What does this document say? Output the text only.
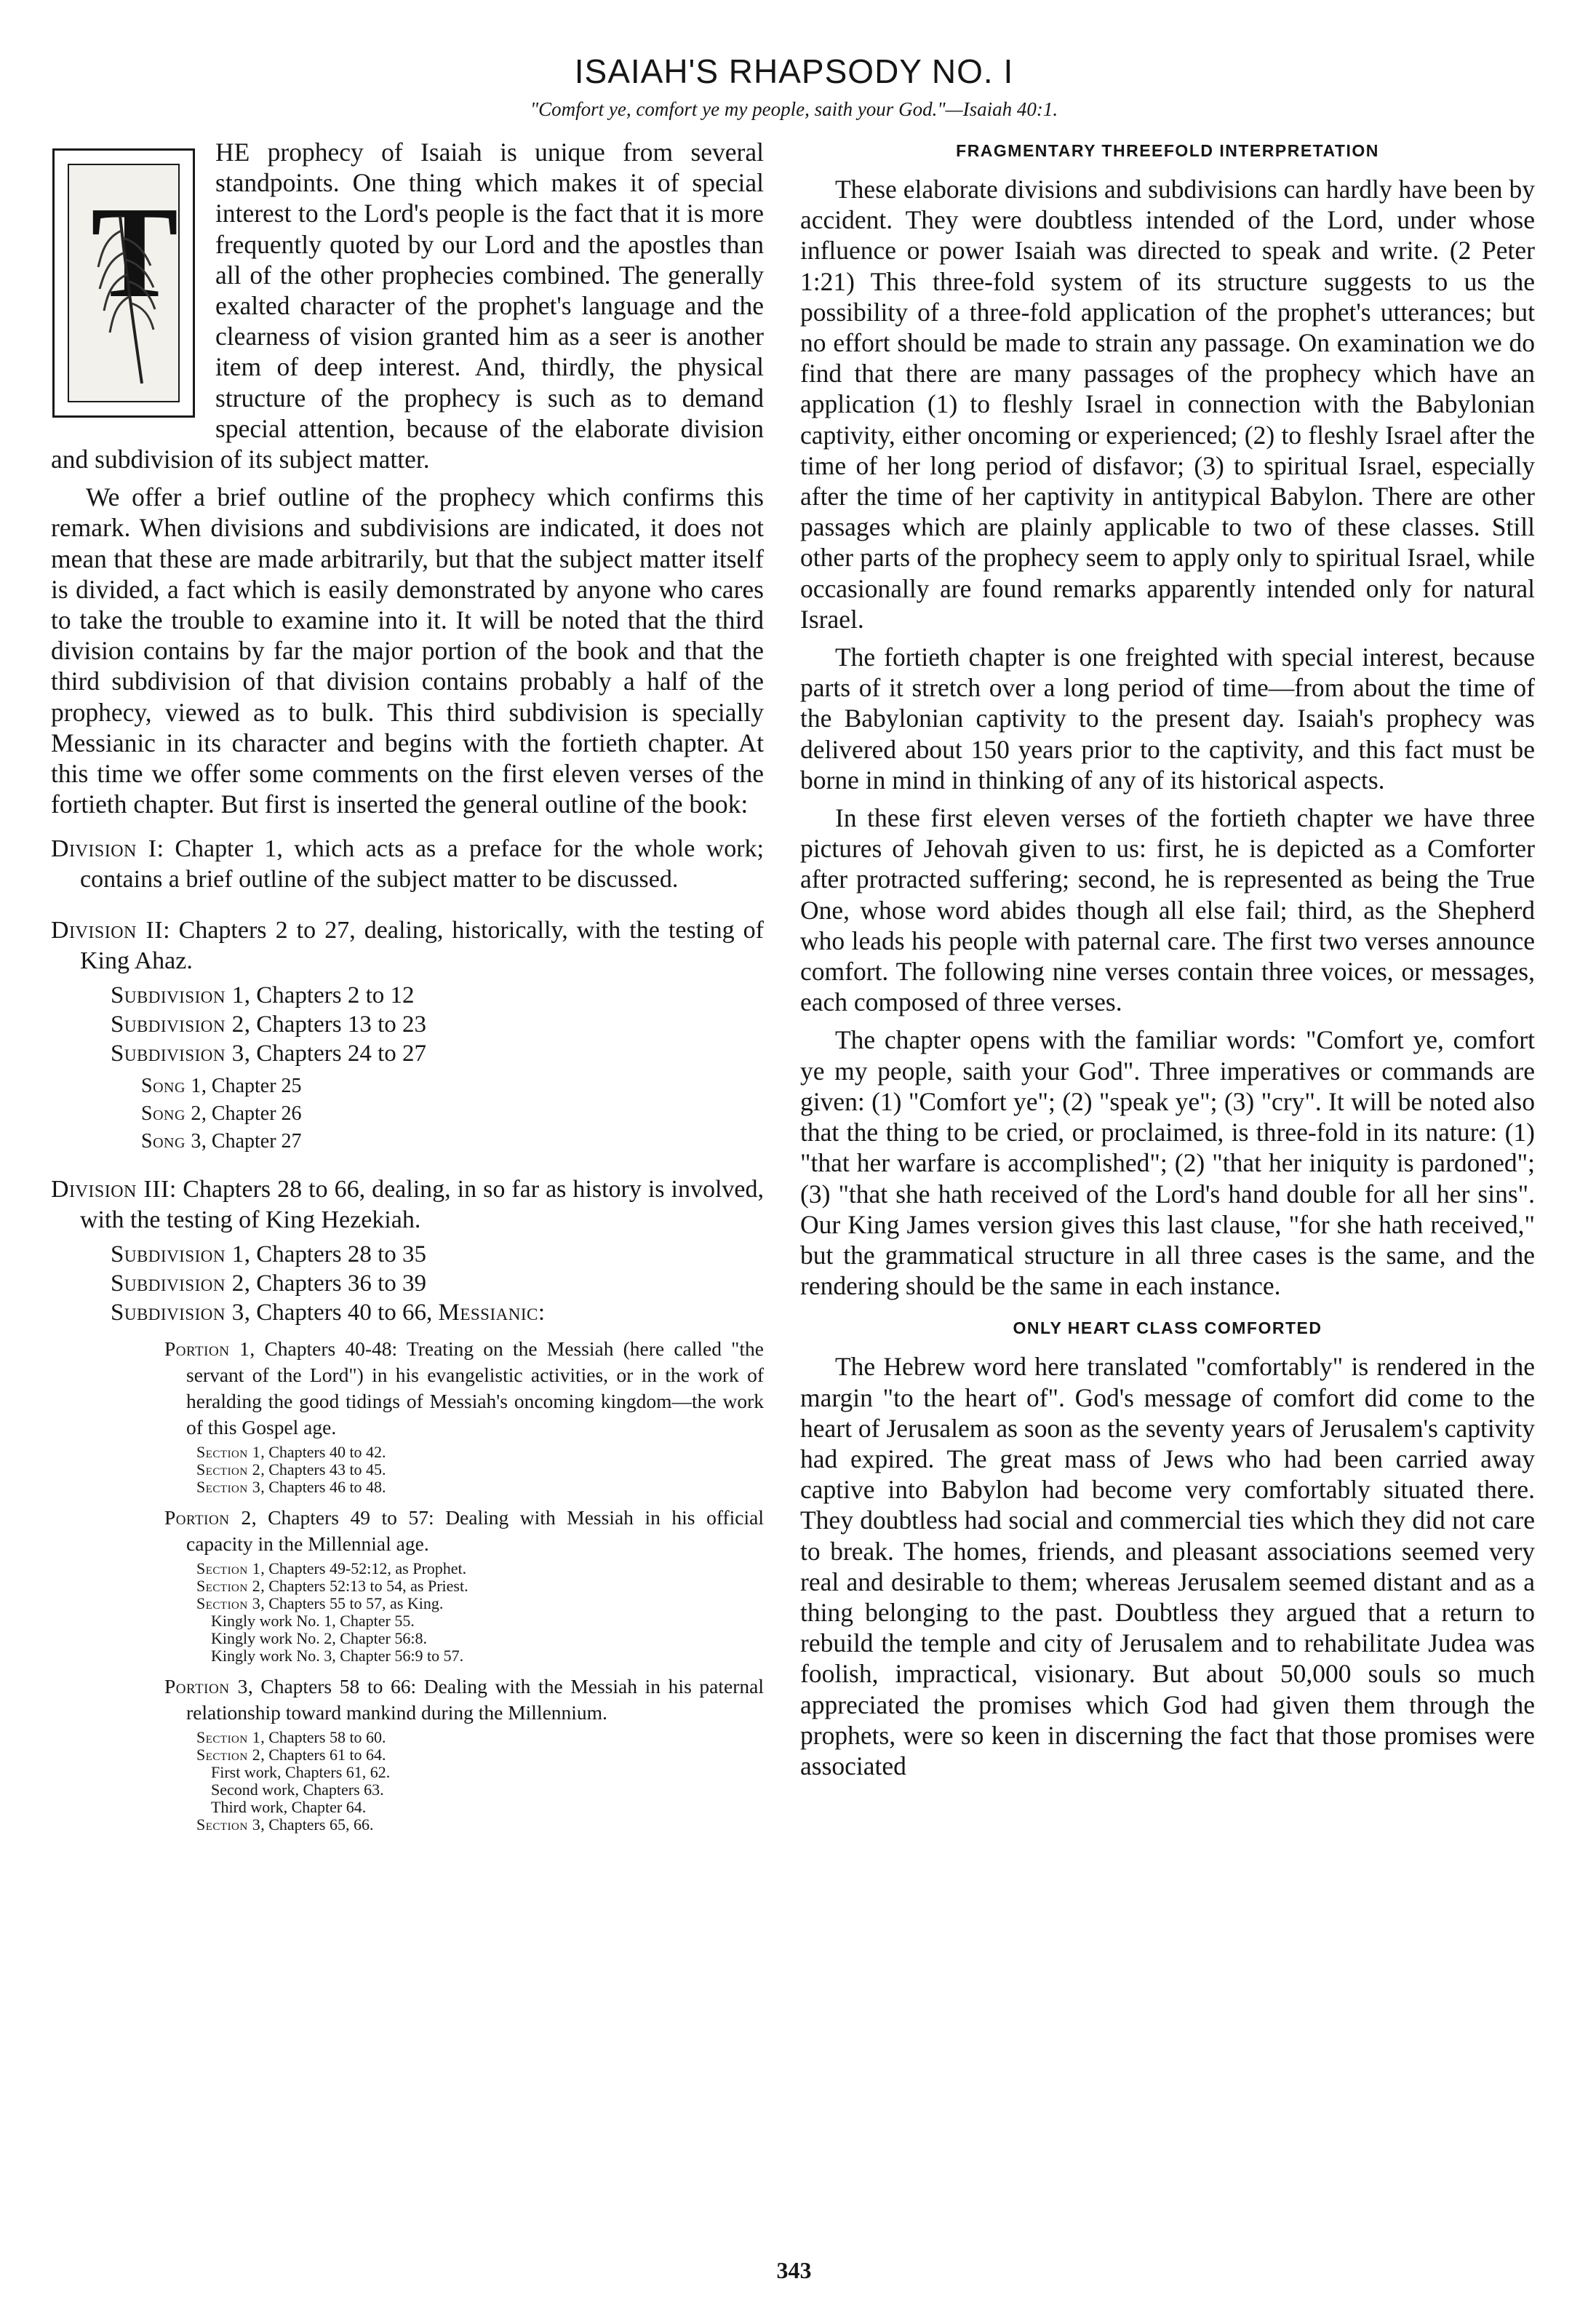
ISAIAH'S RHAPSODY NO. I
"Comfort ye, comfort ye my people, saith your God."—Isaiah 40:1.
T

HE prophecy of Isaiah is unique from several standpoints. One thing which makes it of special interest to the Lord's people is the fact that it is more frequently quoted by our Lord and the apostles than all of the other prophecies combined. The generally exalted character of the prophet's language and the clearness of vision granted him as a seer is another item of deep interest. And, thirdly, the physical structure of the prophecy is such as to demand special attention, because of the elaborate division and subdivision of its subject matter.

We offer a brief outline of the prophecy which confirms this remark. When divisions and subdivisions are indicated, it does not mean that these are made arbitrarily, but that the subject matter itself is divided, a fact which is easily demonstrated by anyone who cares to take the trouble to examine into it. It will be noted that the third division contains by far the major portion of the book and that the third subdivision of that division contains probably a half of the prophecy, viewed as to bulk. This third subdivision is specially Messianic in its character and begins with the fortieth chapter. At this time we offer some comments on the first eleven verses of the fortieth chapter. But first is inserted the general outline of the book:

Division I: Chapter 1, which acts as a preface for the whole work; contains a brief outline of the subject matter to be discussed.

Division II: Chapters 2 to 27, dealing, historically, with the testing of King Ahaz.

Subdivision 1, Chapters 2 to 12

Subdivision 2, Chapters 13 to 23

Subdivision 3, Chapters 24 to 27

Song 1, Chapter 25

Song 2, Chapter 26

Song 3, Chapter 27

Division III: Chapters 28 to 66, dealing, in so far as history is involved, with the testing of King Hezekiah.

Subdivision 1, Chapters 28 to 35

Subdivision 2, Chapters 36 to 39

Subdivision 3, Chapters 40 to 66, Messianic:

Portion 1, Chapters 40-48: Treating on the Messiah (here called "the servant of the Lord") in his evangelistic activities, or in the work of heralding the good tidings of Messiah's oncoming kingdom—the work of this Gospel age.

Section 1, Chapters 40 to 42.

Section 2, Chapters 43 to 45.

Section 3, Chapters 46 to 48.

Portion 2, Chapters 49 to 57: Dealing with Messiah in his official capacity in the Millennial age.

Section 1, Chapters 49-52:12, as Prophet.

Section 2, Chapters 52:13 to 54, as Priest.

Section 3, Chapters 55 to 57, as King.

Kingly work No. 1, Chapter 55.

Kingly work No. 2, Chapter 56:8.

Kingly work No. 3, Chapter 56:9 to 57.

Portion 3, Chapters 58 to 66: Dealing with the Messiah in his paternal relationship toward mankind during the Millennium.

Section 1, Chapters 58 to 60.

Section 2, Chapters 61 to 64.

First work, Chapters 61, 62.

Second work, Chapters 63.

Third work, Chapter 64.

Section 3, Chapters 65, 66.

FRAGMENTARY THREEFOLD INTERPRETATION

These elaborate divisions and subdivisions can hardly have been by accident. They were doubtless intended of the Lord, under whose influence or power Isaiah was directed to speak and write. (2 Peter 1:21) This three-fold system of its structure suggests to us the possibility of a three-fold application of the prophet's utterances; but no effort should be made to strain any passage. On examination we do find that there are many passages of the prophecy which have an application (1) to fleshly Israel in connection with the Babylonian captivity, either oncoming or experienced; (2) to fleshly Israel after the time of her long period of disfavor; (3) to spiritual Israel, especially after the time of her captivity in antitypical Babylon. There are other passages which are plainly applicable to two of these classes. Still other parts of the prophecy seem to apply only to spiritual Israel, while occasionally are found remarks apparently intended only for natural Israel.

The fortieth chapter is one freighted with special interest, because parts of it stretch over a long period of time—from about the time of the Babylonian captivity to the present day. Isaiah's prophecy was delivered about 150 years prior to the captivity, and this fact must be borne in mind in thinking of any of its historical aspects.

In these first eleven verses of the fortieth chapter we have three pictures of Jehovah given to us: first, he is depicted as a Comforter after protracted suffering; second, he is represented as being the True One, whose word abides though all else fail; third, as the Shepherd who leads his people with paternal care. The first two verses announce comfort. The following nine verses contain three voices, or messages, each composed of three verses.

The chapter opens with the familiar words: "Comfort ye, comfort ye my people, saith your God". Three imperatives or commands are given: (1) "Comfort ye"; (2) "speak ye"; (3) "cry". It will be noted also that the thing to be cried, or proclaimed, is three-fold in its nature: (1) "that her warfare is accomplished"; (2) "that her iniquity is pardoned"; (3) "that she hath received of the Lord's hand double for all her sins". Our King James version gives this last clause, "for she hath received," but the grammatical structure in all three cases is the same, and the rendering should be the same in each instance.

ONLY HEART CLASS COMFORTED

The Hebrew word here translated "comfortably" is rendered in the margin "to the heart of". God's message of comfort did come to the heart of Jerusalem as soon as the seventy years of Jerusalem's captivity had expired. The great mass of Jews who had been carried away captive into Babylon had become very comfortably situated there. They doubtless had social and commercial ties which they did not care to break. The homes, friends, and pleasant associations seemed very real and desirable to them; whereas Jerusalem seemed distant and as a thing belonging to the past. Doubtless they argued that a return to rebuild the temple and city of Jerusalem and to rehabilitate Judea was foolish, impractical, visionary. But about 50,000 souls so much appreciated the promises which God had given them through the prophets, were so keen in discerning the fact that those promises were associated

343
